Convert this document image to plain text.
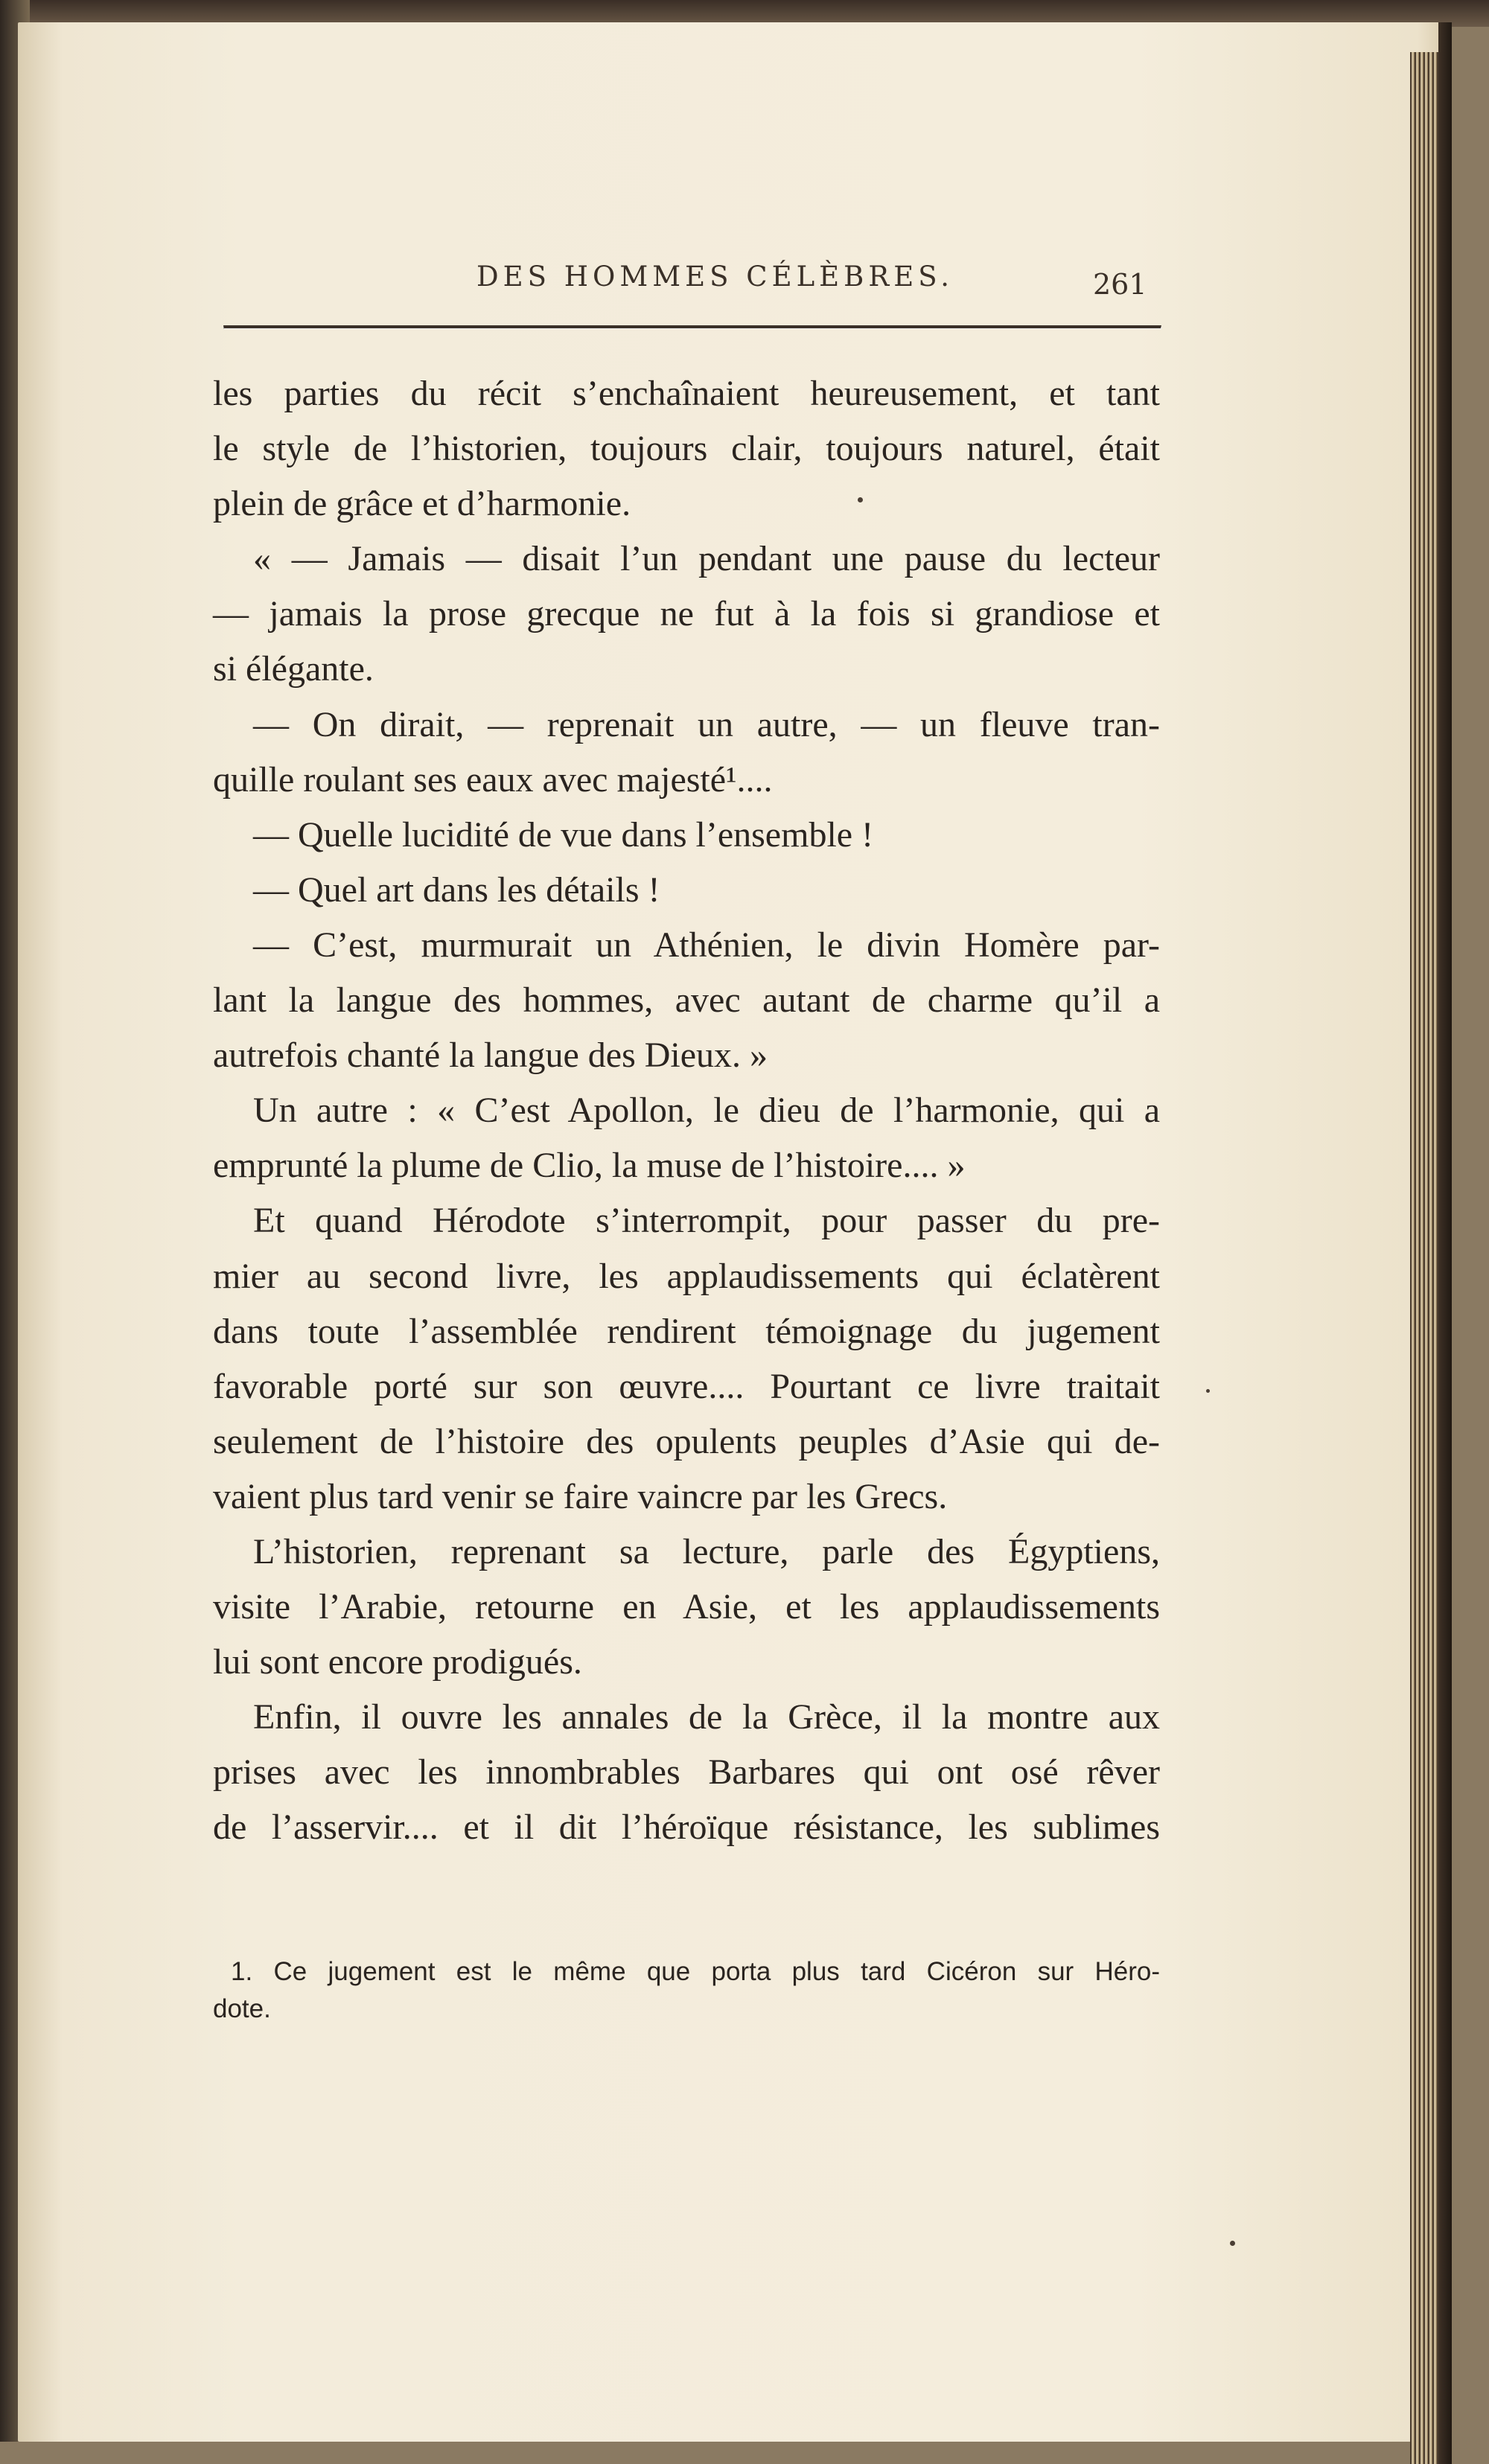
DES HOMMES CÉLÈBRES.	261

les parties du récit s’enchaînaient heureusement, et tant

le style de l’historien, toujours clair, toujours naturel, était

plein de grâce et d’harmonie.

« — Jamais — disait l’un pendant une pause du lecteur

— jamais la prose grecque ne fut à la fois si grandiose et

si élégante.

— On dirait, — reprenait un autre, — un fleuve tran-

quille roulant ses eaux avec majesté¹....

— Quelle lucidité de vue dans l’ensemble !

— Quel art dans les détails !

— C’est, murmurait un Athénien, le divin Homère par-

lant la langue des hommes, avec autant de charme qu’il a

autrefois chanté la langue des Dieux. »

Un autre : « C’est Apollon, le dieu de l’harmonie, qui a

emprunté la plume de Clio, la muse de l’histoire.... »

Et quand Hérodote s’interrompit, pour passer du pre-

mier au second livre, les applaudissements qui éclatèrent

dans toute l’assemblée rendirent témoignage du jugement

favorable porté sur son œuvre.... Pourtant ce livre traitait

seulement de l’histoire des opulents peuples d’Asie qui de-

vaient plus tard venir se faire vaincre par les Grecs.

L’historien, reprenant sa lecture, parle des Égyptiens,

visite l’Arabie, retourne en Asie, et les applaudissements

lui sont encore prodigués.

Enfin, il ouvre les annales de la Grèce, il la montre aux

prises avec les innombrables Barbares qui ont osé rêver

de l’asservir.... et il dit l’héroïque résistance, les sublimes

1. Ce jugement est le même que porta plus tard Cicéron sur Héro-

dote.
